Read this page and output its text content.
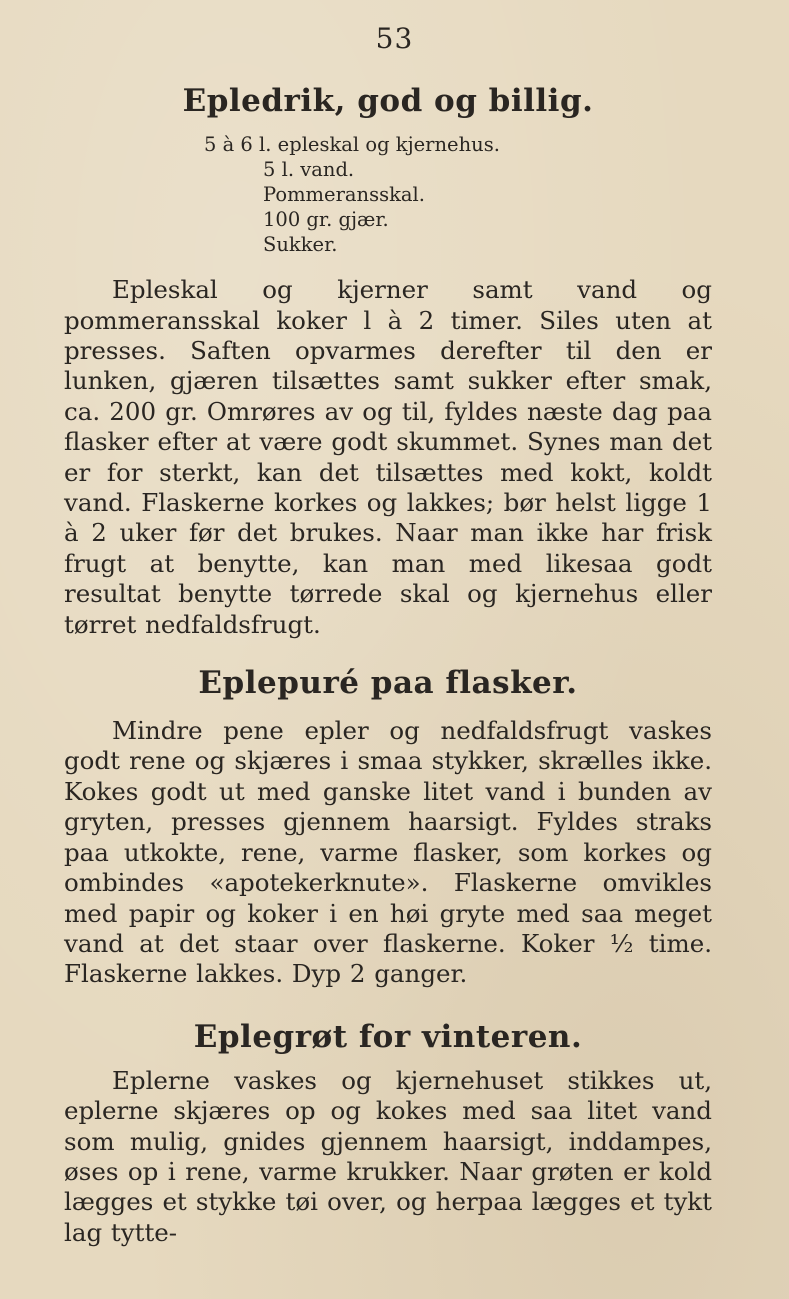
53
Epledrik, god og billig.
5 à 6 l. epleskal og kjernehus.
5 l. vand.
Pommeransskal.
100 gr. gjær.
Sukker.

Epleskal og kjerner samt vand og pommeransskal koker l à 2 timer. Siles uten at presses. Saften opvarmes derefter til den er lunken, gjæren tilsættes samt sukker efter smak, ca. 200 gr. Omrøres av og til, fyldes næste dag paa flasker efter at være godt skummet. Synes man det er for sterkt, kan det tilsættes med kokt, koldt vand. Flaskerne korkes og lakkes; bør helst ligge 1 à 2 uker før det brukes. Naar man ikke har frisk frugt at benytte, kan man med likesaa godt resultat benytte tørrede skal og kjernehus eller tørret nedfaldsfrugt.

Eplepuré paa flasker.

Mindre pene epler og nedfaldsfrugt vaskes godt rene og skjæres i smaa stykker, skrælles ikke. Kokes godt ut med ganske litet vand i bunden av gryten, presses gjennem haarsigt. Fyldes straks paa utkokte, rene, varme flasker, som korkes og ombindes «apotekerknute». Flaskerne omvikles med papir og koker i en høi gryte med saa meget vand at det staar over flaskerne. Koker ½ time. Flaskerne lakkes. Dyp 2 ganger.

Eplegrøt for vinteren.

Eplerne vaskes og kjernehuset stikkes ut, eplerne skjæres op og kokes med saa litet vand som mulig, gnides gjennem haarsigt, inddampes, øses op i rene, varme krukker. Naar grøten er kold lægges et stykke tøi over, og herpaa lægges et tykt lag tytte-
